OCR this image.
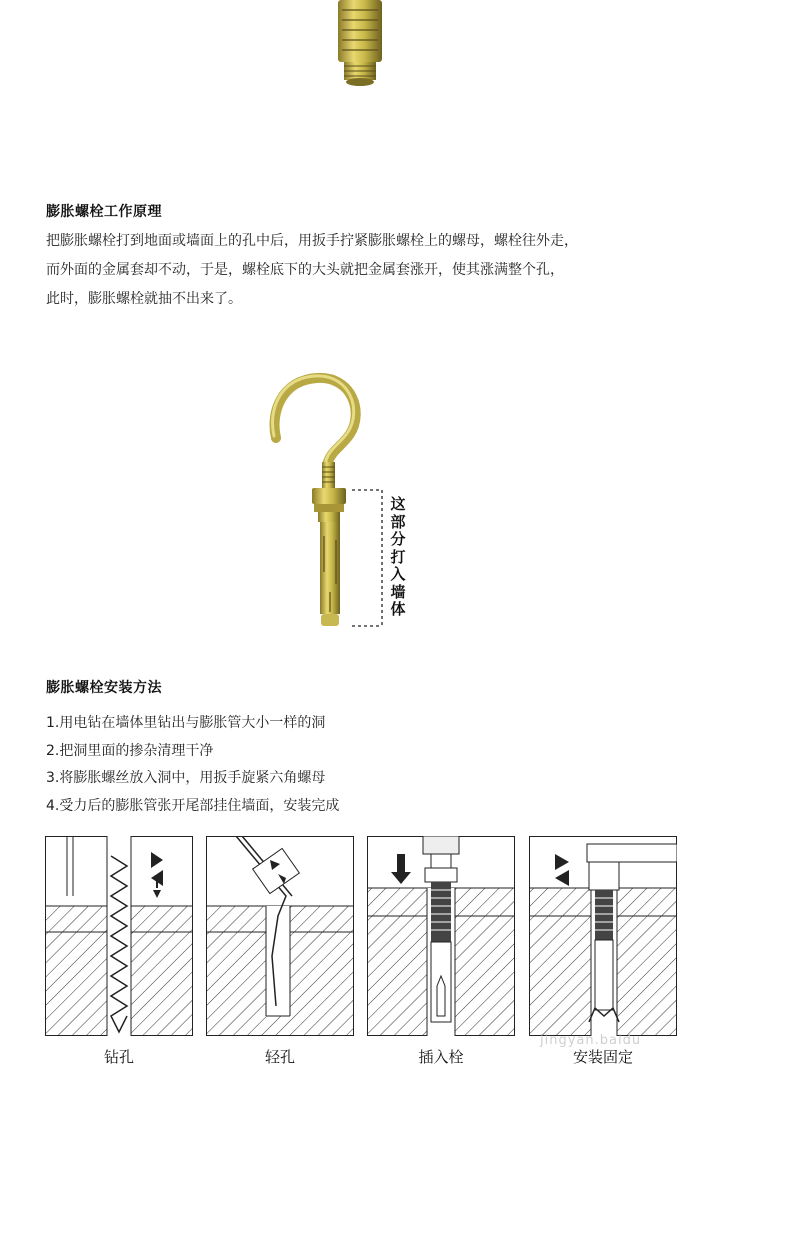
膨胀螺栓工作原理
把膨胀螺栓打到地面或墙面上的孔中后，用扳手拧紧膨胀螺栓上的螺母，螺栓往外走，
而外面的金属套却不动，于是，螺栓底下的大头就把金属套涨开，使其涨满整个孔，
此时，膨胀螺栓就抽不出来了。
这
部
分
打
入
墙
体
膨胀螺栓安装方法
1.用电钻在墙体里钻出与膨胀管大小一样的洞
2.把洞里面的掺杂清理干净
3.将膨胀螺丝放入洞中，用扳手旋紧六角螺母
4.受力后的膨胀管张开尾部挂住墙面，安装完成
钻孔	轻孔	插入栓	安装固定
jingyan.baidu
